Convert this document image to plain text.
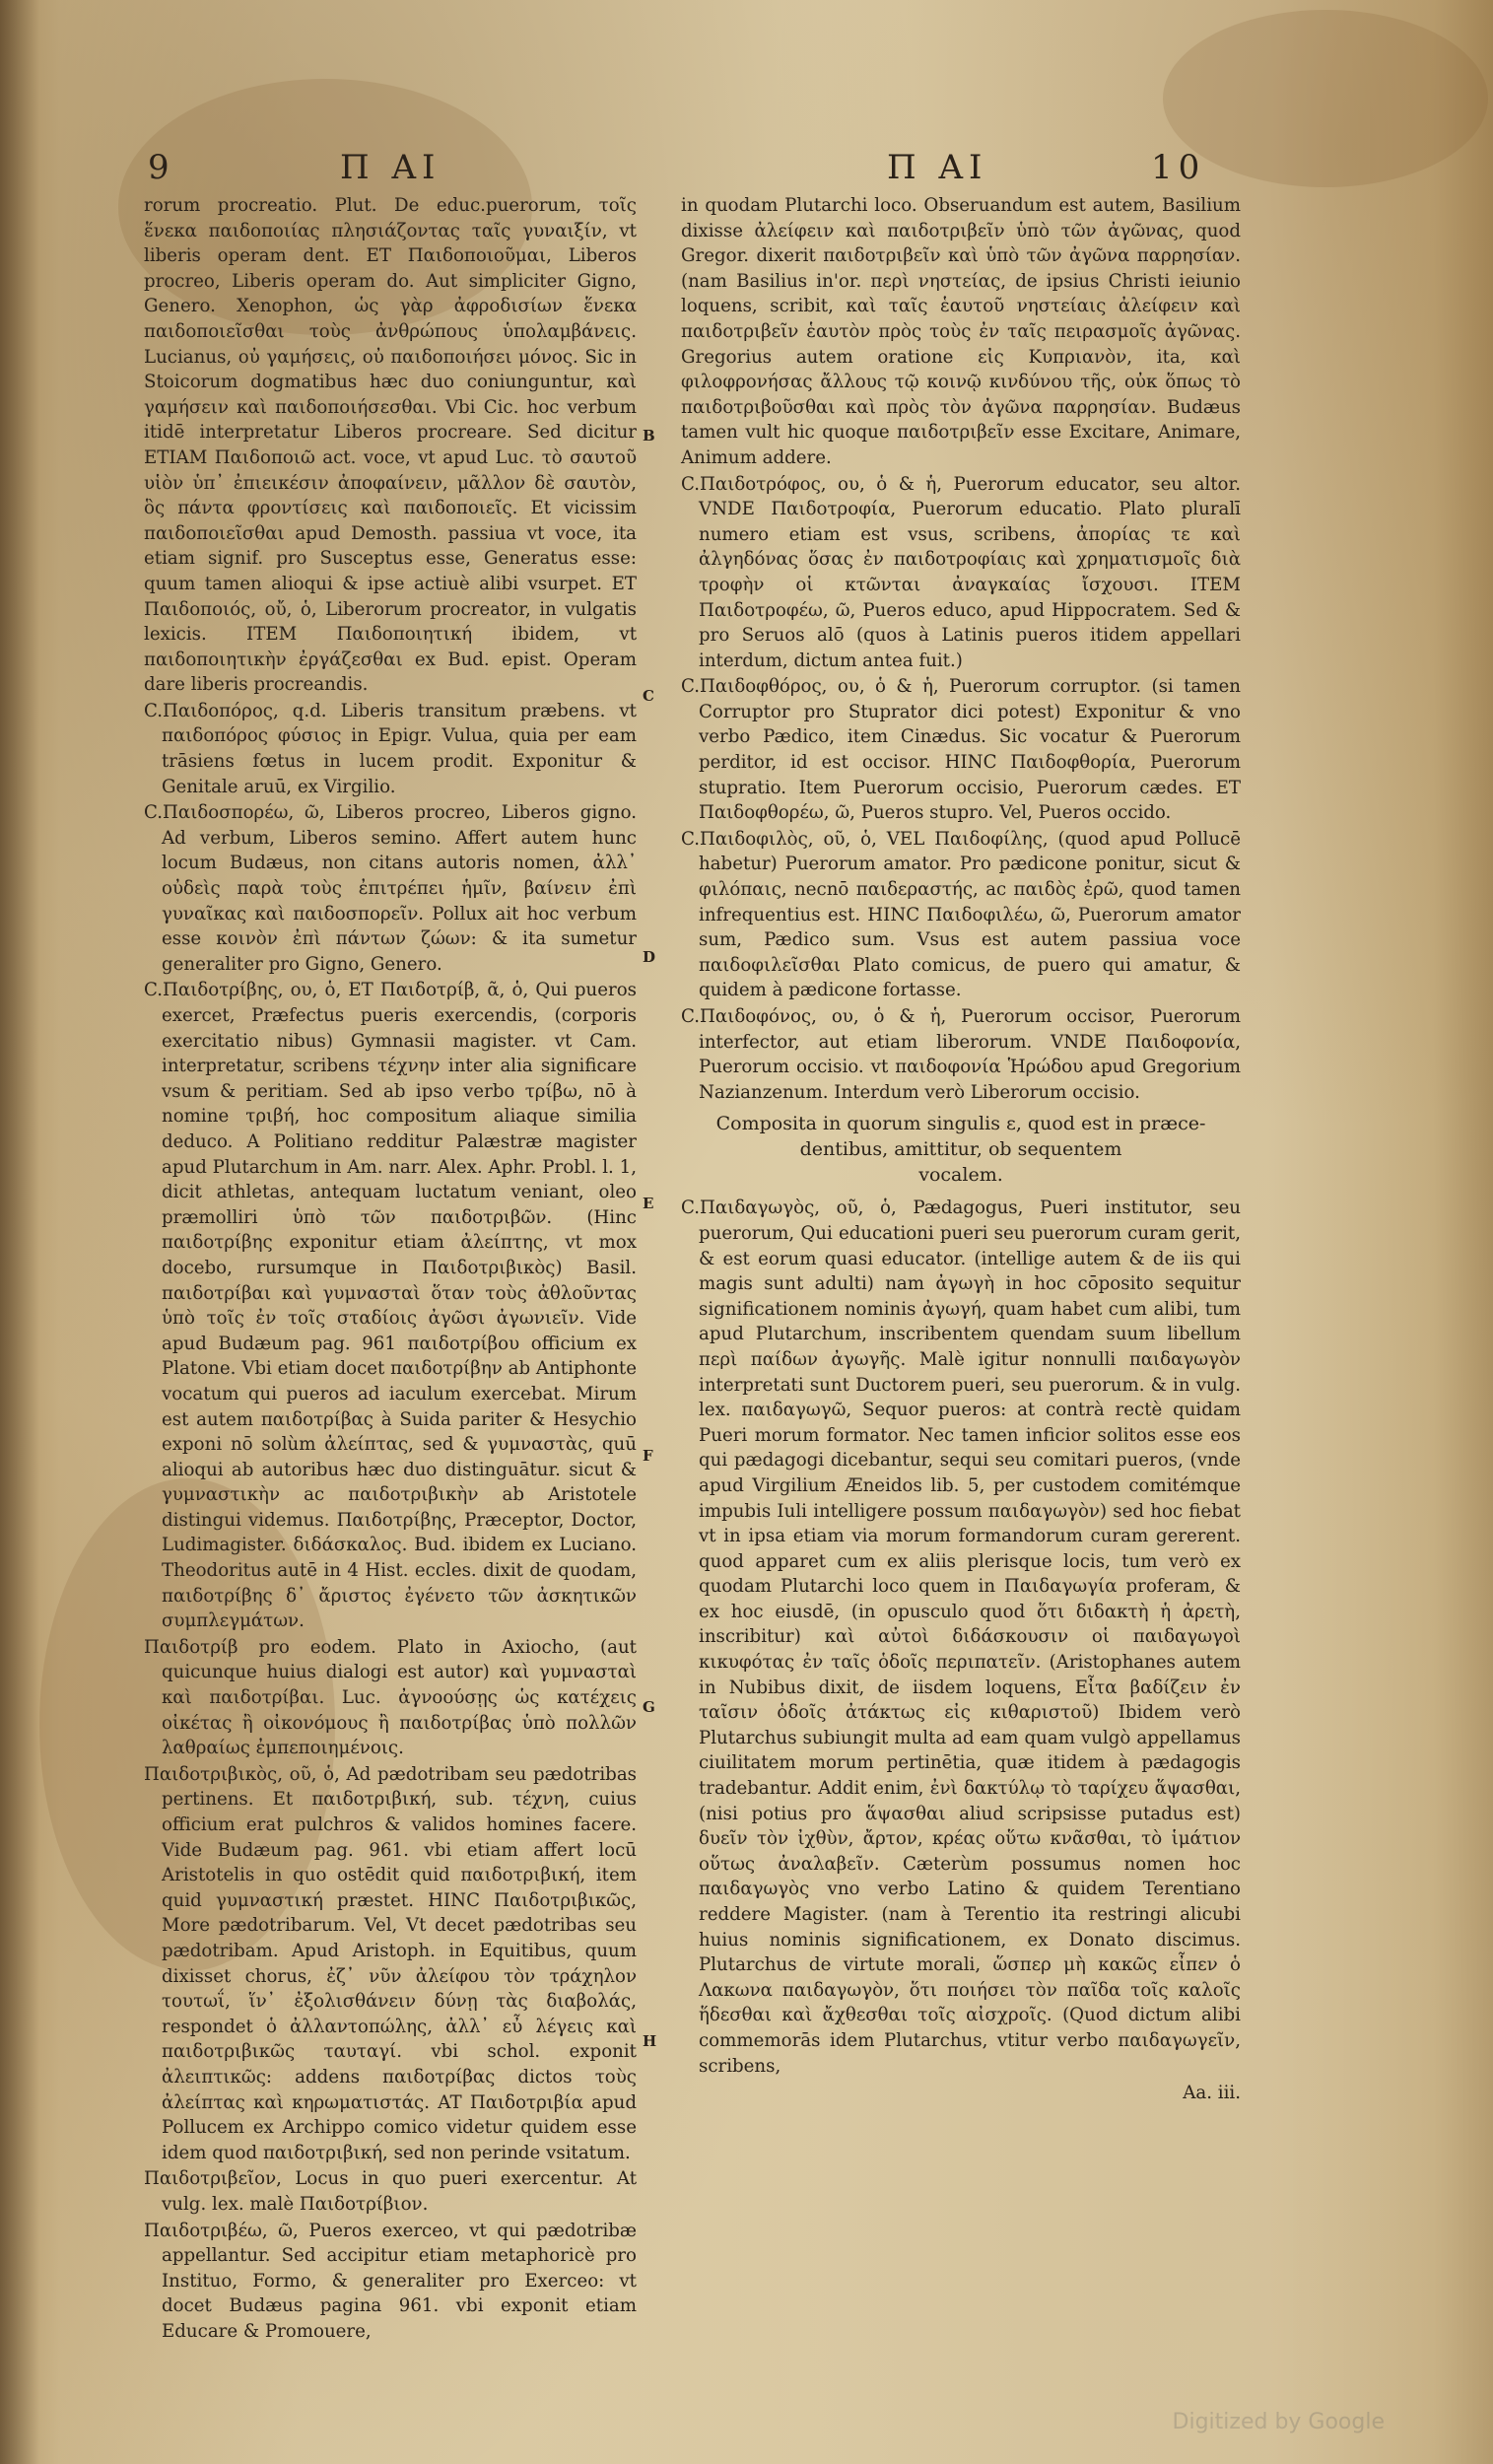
9	Π ΑΙ	Π ΑΙ	10
B
C
D
E
F
G
H

rorum procreatio. Plut. De educ.puerorum, τοῖς ἕνεκα παιδοποιίας πλησιάζοντας ταῖς γυναιξίν, vt liberis operam dent. ET Παιδοποιοῦμαι, Liberos procreo, Liberis operam do. Aut simpliciter Gigno, Genero. Xenophon, ὡς γὰρ ἀφροδισίων ἕνεκα παιδοποιεῖσθαι τοὺς ἀνθρώπους ὑπολαμβάνεις. Lucianus, οὐ γαμήσεις, οὐ παιδοποιήσει μόνος. Sic in Stoicorum dogmatibus hæc duo coniunguntur, καὶ γαμήσειν καὶ παιδοποιήσεσθαι. Vbi Cic. hoc verbum itidē interpretatur Liberos procreare. Sed dicitur ETIAM Παιδοποιῶ act. voce, vt apud Luc. τὸ σαυτοῦ υἱὸν ὑπ᾽ ἐπιεικέσιν ἀποφαίνειν, μᾶλλον δὲ σαυτὸν, ὃς πάντα φροντίσεις καὶ παιδοποιεῖς. Et vicissim παιδοποιεῖσθαι apud Demosth. passiua vt voce, ita etiam signif. pro Susceptus esse, Generatus esse: quum tamen alioqui & ipse actiuè alibi vsurpet. ET Παιδοποιός, οὔ, ὁ, Liberorum procreator, in vulgatis lexicis. ITEM Παιδοποιητική ibidem, vt παιδοποιητικὴν ἐργάζεσθαι ex Bud. epist. Operam dare liberis procreandis.

C.Παιδοπόρος, q.d. Liberis transitum præbens. vt παιδοπόρος φύσιος in Epigr. Vulua, quia per eam trāsiens fœtus in lucem prodit. Exponitur & Genitale aruū, ex Virgilio.

C.Παιδοσπορέω, ῶ, Liberos procreo, Liberos gigno. Ad verbum, Liberos semino. Affert autem hunc locum Budæus, non citans autoris nomen, ἀλλ᾽ οὐδεὶς παρὰ τοὺς ἐπιτρέπει ἡμῖν, βαίνειν ἐπὶ γυναῖκας καὶ παιδοσπορεῖν. Pollux ait hoc verbum esse κοινὸν ἐπὶ πάντων ζώων: & ita sumetur generaliter pro Gigno, Genero.

C.Παιδοτρίβης, ου, ὁ, ET Παιδοτρίβ, ᾶ, ὁ, Qui pueros exercet, Præfectus pueris exercendis, (corporis exercitatio nibus) Gymnasii magister. vt Cam. interpretatur, scribens τέχνην inter alia significare vsum & peritiam. Sed ab ipso verbo τρίβω, nō à nomine τριβή, hoc compositum aliaque similia deduco. A Politiano redditur Palæstræ magister apud Plutarchum in Am. narr. Alex. Aphr. Probl. l. 1, dicit athletas, antequam luctatum veniant, oleo præmolliri ὑπὸ τῶν παιδοτριβῶν. (Hinc παιδοτρίβης exponitur etiam ἀλείπτης, vt mox docebo, rursumque in Παιδοτριβικὸς) Basil. παιδοτρίβαι καὶ γυμνασταὶ ὅταν τοὺς ἀθλοῦντας ὑπὸ τοῖς ἐν τοῖς σταδίοις ἀγῶσι ἀγωνιεῖν. Vide apud Budæum pag. 961 παιδοτρίβου officium ex Platone. Vbi etiam docet παιδοτρίβην ab Antiphonte vocatum qui pueros ad iaculum exercebat. Mirum est autem παιδοτρίβας à Suida pariter & Hesychio exponi nō solùm ἀλείπτας, sed & γυμναστὰς, quū alioqui ab autoribus hæc duo distinguātur. sicut & γυμναστικὴν ac παιδοτριβικὴν ab Aristotele distingui videmus. Παιδοτρίβης, Præceptor, Doctor, Ludimagister. διδάσκαλος. Bud. ibidem ex Luciano. Theodoritus autē in 4 Hist. eccles. dixit de quodam, παιδοτρίβης δ᾽ ἄριστος ἐγένετο τῶν ἀσκητικῶν συμπλεγμάτων.

Παιδοτρίβ pro eodem. Plato in Axiocho, (aut quicunque huius dialogi est autor) καὶ γυμνασταὶ καὶ παιδοτρίβαι. Luc. ἀγνοούσῃς ὡς κατέχεις οἰκέτας ἢ οἰκονόμους ἢ παιδοτρίβας ὑπὸ πολλῶν λαθραίως ἐμπεποιημένοις.

Παιδοτριβικὸς, οῦ, ὁ, Ad pædotribam seu pædotribas pertinens. Et παιδοτριβική, sub. τέχνη, cuius officium erat pulchros & validos homines facere. Vide Budæum pag. 961. vbi etiam affert locū Aristotelis in quo ostēdit quid παιδοτριβική, item quid γυμναστική præstet. HINC Παιδοτριβικῶς, More pædotribarum. Vel, Vt decet pædotribas seu pædotribam. Apud Aristoph. in Equitibus, quum dixisset chorus, ἐζ᾽ νῦν ἀλείφου τὸν τράχηλον τουτωΐ, ἵν᾽ ἐξολισθάνειν δύνῃ τὰς διαβολάς, respondet ὁ ἀλλαντοπώλης, ἀλλ᾽ εὖ λέγεις καὶ παιδοτριβικῶς ταυταγί. vbi schol. exponit ἀλειπτικῶς: addens παιδοτρίβας dictos τοὺς ἀλείπτας καὶ κηρωματιστάς. AT Παιδοτριβία apud Pollucem ex Archippo comico videtur quidem esse idem quod παιδοτριβική, sed non perinde vsitatum.

Παιδοτριβεῖον, Locus in quo pueri exercentur. At vulg. lex. malè Παιδοτρίβιον.

Παιδοτριβέω, ῶ, Pueros exerceo, vt qui pædotribæ appellantur. Sed accipitur etiam metaphoricè pro Instituo, Formo, & generaliter pro Exerceo: vt docet Budæus pagina 961. vbi exponit etiam Educare & Promouere,

in quodam Plutarchi loco. Obseruandum est autem, Basilium dixisse ἀλείφειν καὶ παιδοτριβεῖν ὑπὸ τῶν ἀγῶνας, quod Gregor. dixerit παιδοτριβεῖν καὶ ὑπὸ τῶν ἀγῶνα παρρησίαν. (nam Basilius in'or. περὶ νηστείας, de ipsius Christi ieiunio loquens, scribit, καὶ ταῖς ἑαυτοῦ νηστείαις ἀλείφειν καὶ παιδοτριβεῖν ἑαυτὸν πρὸς τοὺς ἐν ταῖς πειρασμοῖς ἀγῶνας. Gregorius autem oratione εἰς Κυπριανὸν, ita, καὶ φιλοφρονήσας ἄλλους τῷ κοινῷ κινδύνου τῆς, οὐκ ὅπως τὸ παιδοτριβοῦσθαι καὶ πρὸς τὸν ἀγῶνα παρρησίαν. Budæus tamen vult hic quoque παιδοτριβεῖν esse Excitare, Animare, Animum addere.

C.Παιδοτρόφος, ου, ὁ & ἡ, Puerorum educator, seu altor. VNDE Παιδοτροφία, Puerorum educatio. Plato pluralī numero etiam est vsus, scribens, ἀπορίας τε καὶ ἀλγηδόνας ὅσας ἐν παιδοτροφίαις καὶ χρηματισμοῖς διὰ τροφὴν οἱ κτῶνται ἀναγκαίας ἴσχουσι. ITEM Παιδοτροφέω, ῶ, Pueros educo, apud Hippocratem. Sed & pro Seruos alō (quos à Latinis pueros itidem appellari interdum, dictum antea fuit.)

C.Παιδοφθόρος, ου, ὁ & ἡ, Puerorum corruptor. (si tamen Corruptor pro Stuprator dici potest) Exponitur & vno verbo Pædico, item Cinædus. Sic vocatur & Puerorum perditor, id est occisor. HINC Παιδοφθορία, Puerorum stupratio. Item Puerorum occisio, Puerorum cædes. ET Παιδοφθορέω, ῶ, Pueros stupro. Vel, Pueros occido.

C.Παιδοφιλὸς, οῦ, ὁ, VEL Παιδοφίλης, (quod apud Pollucē habetur) Puerorum amator. Pro pædicone ponitur, sicut & φιλόπαις, necnō παιδεραστής, ac παιδὸς ἐρῶ, quod tamen infrequentius est. HINC Παιδοφιλέω, ῶ, Puerorum amator sum, Pædico sum. Vsus est autem passiua voce παιδοφιλεῖσθαι Plato comicus, de puero qui amatur, & quidem à pædicone fortasse.

C.Παιδοφόνος, ου, ὁ & ἡ, Puerorum occisor, Puerorum interfector, aut etiam liberorum. VNDE Παιδοφονία, Puerorum occisio. vt παιδοφονία Ἡρώδου apud Gregorium Nazianzenum. Interdum verò Liberorum occisio.

Composita in quorum singulis ε, quod est in præce-
dentibus, amittitur, ob sequentem
vocalem.

C.Παιδαγωγὸς, οῦ, ὁ, Pædagogus, Pueri institutor, seu puerorum, Qui educationi pueri seu puerorum curam gerit, & est eorum quasi educator. (intellige autem & de iis qui magis sunt adulti) nam ἀγωγὴ in hoc cōposito sequitur significationem nominis ἀγωγή, quam habet cum alibi, tum apud Plutarchum, inscribentem quendam suum libellum περὶ παίδων ἀγωγῆς. Malè igitur nonnulli παιδαγωγὸν interpretati sunt Ductorem pueri, seu puerorum. & in vulg. lex. παιδαγωγῶ, Sequor pueros: at contrà rectè quidam Pueri morum formator. Nec tamen inficior solitos esse eos qui pædagogi dicebantur, sequi seu comitari pueros, (vnde apud Virgilium Æneidos lib. 5, per custodem comitémque impubis Iuli intelligere possum παιδαγωγὸν) sed hoc fiebat vt in ipsa etiam via morum formandorum curam gererent. quod apparet cum ex aliis plerisque locis, tum verò ex quodam Plutarchi loco quem in Παιδαγωγία proferam, & ex hoc eiusdē, (in opusculo quod ὅτι διδακτὴ ἡ ἀρετὴ, inscribitur) καὶ αὐτοὶ διδάσκουσιν οἱ παιδαγωγοὶ κικυφότας ἐν ταῖς ὁδοῖς περιπατεῖν. (Aristophanes autem in Nubibus dixit, de iisdem loquens, Εἶτα βαδίζειν ἐν ταῖσιν ὁδοῖς ἀτάκτως εἰς κιθαριστοῦ) Ibidem verò Plutarchus subiungit multa ad eam quam vulgò appellamus ciuilitatem morum pertinētia, quæ itidem à pædagogis tradebantur. Addit enim, ἐνὶ δακτύλῳ τὸ ταρίχευ ἅψασθαι, (nisi potius pro ἅψασθαι aliud scripsisse putadus est) δυεῖν τὸν ἰχθὺν, ἄρτον, κρέας οὕτω κνᾶσθαι, τὸ ἱμάτιον οὕτως ἀναλαβεῖν. Cæterùm possumus nomen hoc παιδαγωγὸς vno verbo Latino & quidem Terentiano reddere Magister. (nam à Terentio ita restringi alicubi huius nominis significationem, ex Donato discimus. Plutarchus de virtute morali, ὥσπερ μὴ κακῶς εἶπεν ὁ Λακωνα παιδαγωγὸν, ὅτι ποιήσει τὸν παῖδα τοῖς καλοῖς ἥδεσθαι καὶ ἄχθεσθαι τοῖς αἰσχροῖς. (Quod dictum alibi commemorās idem Plutarchus, vtitur verbo παιδαγωγεῖν, scribens,

Aa. iii.
Digitized by Google
